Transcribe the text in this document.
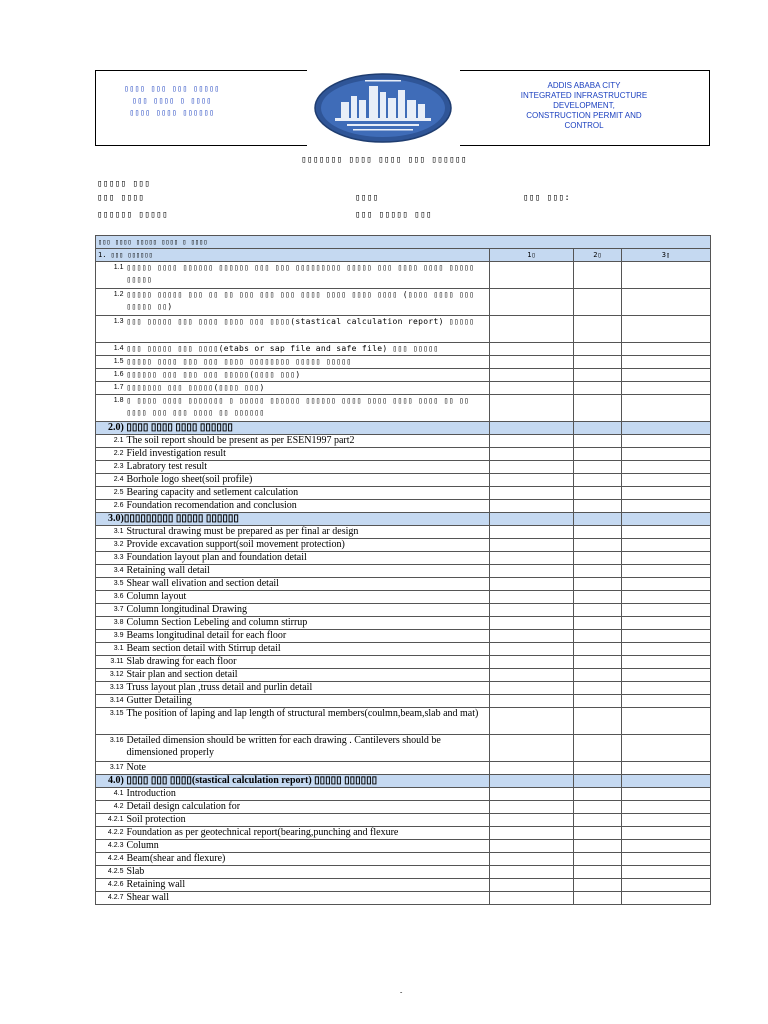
▯▯▯▯ ▯▯▯ ▯▯▯ ▯▯▯▯▯
▯▯▯ ▯▯▯▯ ▯ ▯▯▯▯
▯▯▯▯ ▯▯▯▯ ▯▯▯▯▯▯
ADDIS ABABA CITY
INTEGRATED INFRASTRUCTURE
DEVELOPMENT,
CONSTRUCTION PERMIT AND
CONTROL
▯▯▯▯▯▯▯ ▯▯▯▯ ▯▯▯▯ ▯▯▯ ▯▯▯▯▯▯
▯▯▯▯▯ ▯▯▯
▯▯▯ ▯▯▯▯	▯▯▯▯	▯▯▯ ▯▯▯:
▯▯▯▯▯▯ ▯▯▯▯▯	▯▯▯ ▯▯▯▯▯ ▯▯▯
▯▯▯ ▯▯▯▯ ▯▯▯▯▯ ▯▯▯▯ ▯ ▯▯▯▯				
1. ▯▯▯ ▯▯▯▯▯▯		1▯	2▯	3▯
1.1	▯▯▯▯▯ ▯▯▯▯ ▯▯▯▯▯▯ ▯▯▯▯▯▯ ▯▯▯ ▯▯▯ ▯▯▯▯▯▯▯▯▯ ▯▯▯▯▯ ▯▯▯ ▯▯▯▯ ▯▯▯▯ ▯▯▯▯▯ ▯▯▯▯▯			
1.2	▯▯▯▯▯ ▯▯▯▯▯ ▯▯▯ ▯▯ ▯▯ ▯▯▯ ▯▯▯ ▯▯▯ ▯▯▯▯ ▯▯▯▯ ▯▯▯▯ ▯▯▯▯ (▯▯▯▯ ▯▯▯▯ ▯▯▯ ▯▯▯▯▯ ▯▯)			
1.3	▯▯▯ ▯▯▯▯▯ ▯▯▯ ▯▯▯▯ ▯▯▯▯ ▯▯▯ ▯▯▯▯(stastical calculation report) ▯▯▯▯▯			
1.4	▯▯▯ ▯▯▯▯▯ ▯▯▯ ▯▯▯▯(etabs or sap file and safe file) ▯▯▯ ▯▯▯▯▯			
1.5	▯▯▯▯▯ ▯▯▯▯ ▯▯▯ ▯▯▯ ▯▯▯▯ ▯▯▯▯▯▯▯▯ ▯▯▯▯▯ ▯▯▯▯▯			
1.6	▯▯▯▯▯▯ ▯▯▯ ▯▯▯ ▯▯▯ ▯▯▯▯▯(▯▯▯▯ ▯▯▯)			
1.7	▯▯▯▯▯▯▯ ▯▯▯ ▯▯▯▯▯(▯▯▯▯ ▯▯▯)			
1.8	▯ ▯▯▯▯ ▯▯▯▯ ▯▯▯▯▯▯▯ ▯ ▯▯▯▯▯ ▯▯▯▯▯▯ ▯▯▯▯▯▯ ▯▯▯▯ ▯▯▯▯ ▯▯▯▯ ▯▯▯▯ ▯▯ ▯▯ ▯▯▯▯ ▯▯▯ ▯▯▯ ▯▯▯▯ ▯▯ ▯▯▯▯▯▯			
2.0) ▯▯▯▯ ▯▯▯▯ ▯▯▯▯ ▯▯▯▯▯▯				
2.1	The soil report should be present as per ESEN1997 part2			
2.2	Field investigation result			
2.3	Labratory test result			
2.4	Borhole logo sheet(soil profile)			
2.5	Bearing capacity and setlement calculation			
2.6	Foundation recomendation and conclusion			
3.0)▯▯▯▯▯▯▯▯▯ ▯▯▯▯▯ ▯▯▯▯▯▯				
3.1	Structural drawing must be prepared as per final ar design			
3.2	Provide excavation support(soil movement protection)			
3.3	Foundation layout plan and foundation detail			
3.4	Retaining wall detail			
3.5	Shear wall elivation and section detail			
3.6	Column layout			
3.7	Column longitudinal Drawing			
3.8	Column Section Lebeling and column stirrup			
3.9	Beams longitudinal detail for each floor			
3.1	Beam section detail with Stirrup detail			
3.11	Slab drawing for each floor			
3.12	Stair plan and section detail			
3.13	Truss layout plan ,truss detail and purlin detail			
3.14	Gutter Detailing			
3.15	The position of laping and lap length of structural members(coulmn,beam,slab and mat)			
3.16	Detailed dimension should be written for each drawing . Cantilevers should be dimensioned properly			
3.17	Note			
4.0) ▯▯▯▯ ▯▯▯ ▯▯▯▯(stastical calculation report) ▯▯▯▯▯ ▯▯▯▯▯▯				
4.1	Introduction			
4.2	Detail design calculation for			
4.2.1	Soil protection			
4.2.2	Foundation as per geotechnical report(bearing,punching and flexure			
4.2.3	Column			
4.2.4	Beam(shear and flexure)			
4.2.5	Slab			
4.2.6	Retaining wall			
4.2.7	Shear wall			
-
